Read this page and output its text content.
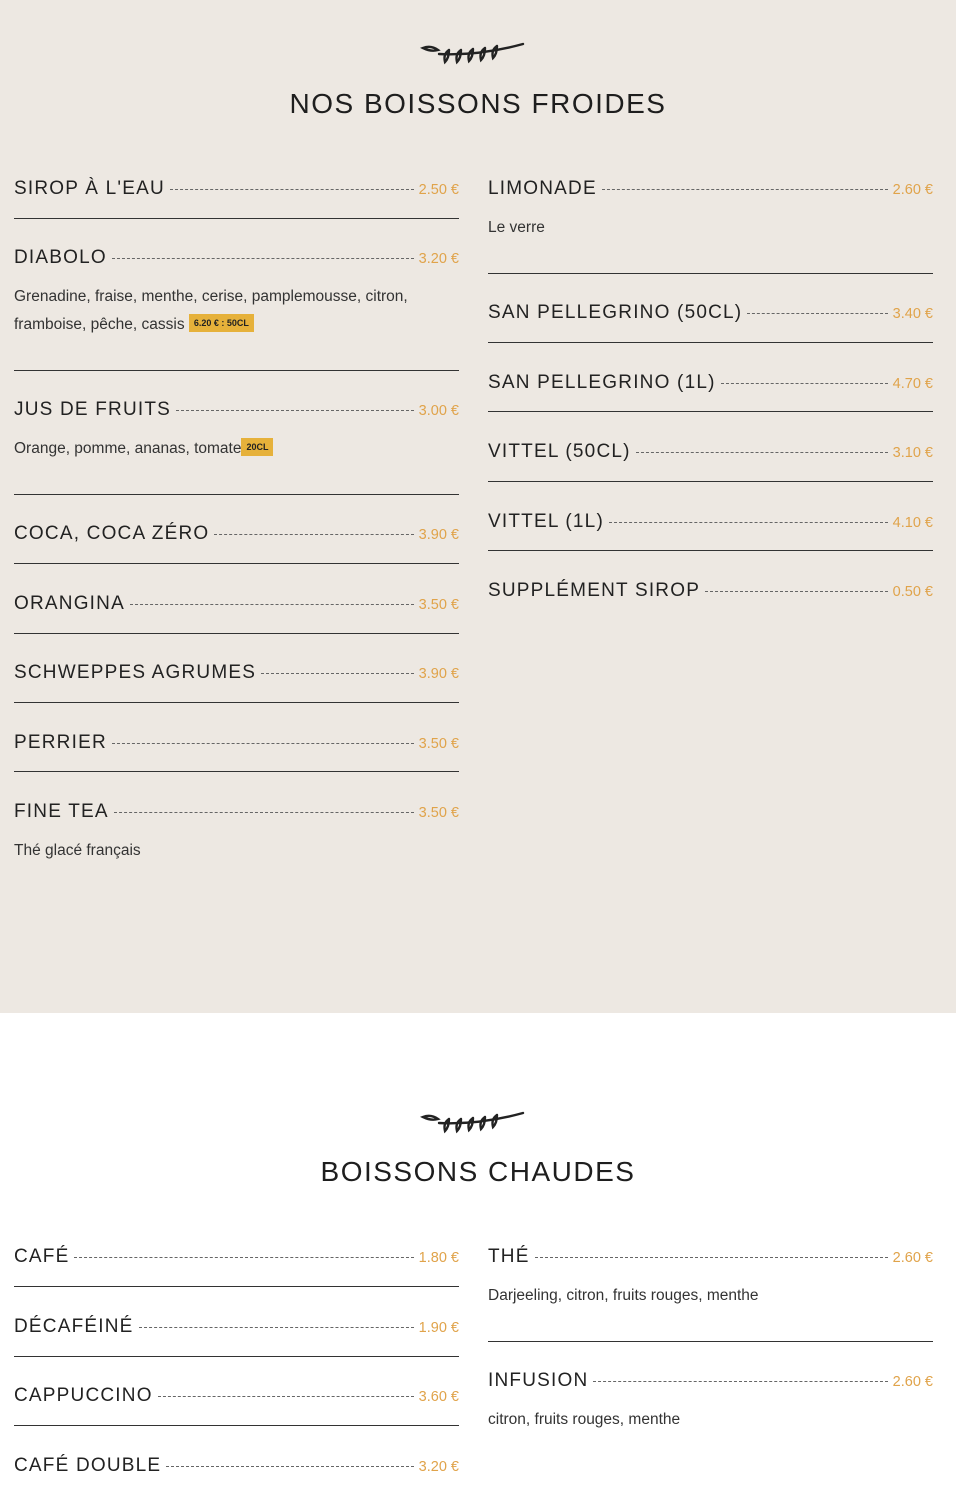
NOS BOISSONS FROIDES
SIROP À L'EAU	2.50 €
DIABOLO	3.20 €
Grenadine, fraise, menthe, cerise, pamplemousse, citron, framboise, pêche, cassis 6.20 € : 50CL
JUS DE FRUITS	3.00 €
Orange, pomme, ananas, tomate 20CL
COCA, COCA ZÉRO	3.90 €
ORANGINA	3.50 €
SCHWEPPES AGRUMES	3.90 €
PERRIER	3.50 €
FINE TEA	3.50 €
Thé glacé français
LIMONADE	2.60 €
Le verre
SAN PELLEGRINO (50CL)	3.40 €
SAN PELLEGRINO (1L)	4.70 €
VITTEL (50CL)	3.10 €
VITTEL (1L)	4.10 €
SUPPLÉMENT SIROP	0.50 €
BOISSONS CHAUDES
CAFÉ	1.80 €
DÉCAFÉINÉ	1.90 €
CAPPUCCINO	3.60 €
CAFÉ DOUBLE	3.20 €
THÉ	2.60 €
Darjeeling, citron, fruits rouges, menthe
INFUSION	2.60 €
citron, fruits rouges, menthe
